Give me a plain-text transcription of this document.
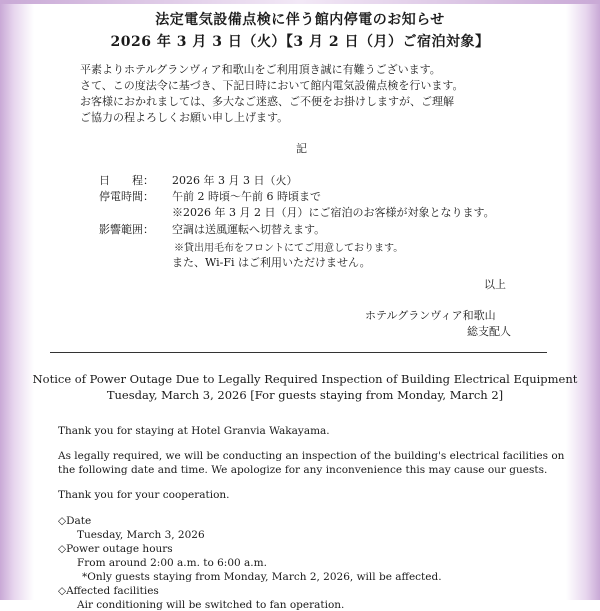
法定電気設備点検に伴う館内停電のお知らせ
2026 年 3 月 3 日（火）【3 月 2 日（月）ご宿泊対象】
平素よりホテルグランヴィア和歌山をご利用頂き誠に有難うございます。
さて、この度法令に基づき、下記日時において館内電気設備点検を行います。
お客様におかれましては、多大なご迷惑、ご不便をお掛けしますが、ご理解
ご協力の程よろしくお願い申し上げます。
記
日　　程： 2026 年 3 月 3 日（火）
停電時間： 午前 2 時頃～午前 6 時頃まで
※2026 年 3 月 2 日（月）にご宿泊のお客様が対象となります。
影響範囲： 空調は送風運転へ切替えます。
※貸出用毛布をフロントにてご用意しております。
また、Wi-Fi はご利用いただけません。
以上
ホテルグランヴィア和歌山
総支配人
Notice of Power Outage Due to Legally Required Inspection of Building Electrical Equipment
Tuesday, March 3, 2026 [For guests staying from Monday, March 2]
Thank you for staying at Hotel Granvia Wakayama.
As legally required, we will be conducting an inspection of the building's electrical facilities on
the following date and time. We apologize for any inconvenience this may cause our guests.
Thank you for your cooperation.
◇Date
Tuesday, March 3, 2026
◇Power outage hours
From around 2:00 a.m. to 6:00 a.m.
*Only guests staying from Monday, March 2, 2026, will be affected.
◇Affected facilities
Air conditioning will be switched to fan operation.
